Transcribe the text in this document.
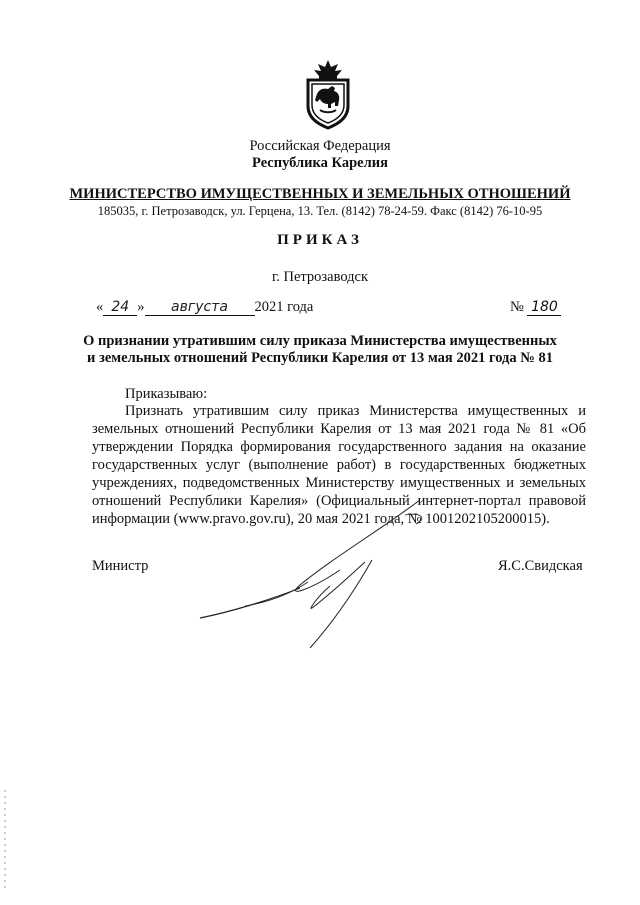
Российская Федерация
Республика Карелия
МИНИСТЕРСТВО ИМУЩЕСТВЕННЫХ И ЗЕМЕЛЬНЫХ ОТНОШЕНИЙ
185035, г. Петрозаводск, ул. Герцена, 13. Тел. (8142) 78-24-59. Факс (8142) 76-10-95
ПРИКАЗ
г. Петрозаводск
« 24 » августа 2021 года	№ 180
О признании утратившим силу приказа Министерства имущественных
и земельных отношений Республики Карелия от 13 мая 2021 года № 81
Приказываю:
Признать утратившим силу приказ Министерства имущественных и
земельных отношений Республики Карелия от 13 мая 2021 года № 81 «Об
утверждении Порядка формирования государственного задания на оказание
государственных услуг (выполнение работ) в государственных бюджетных
учреждениях, подведомственных Министерству имущественных и земельных
отношений Республики Карелия» (Официальный интернет-портал правовой
информации (www.pravo.gov.ru), 20 мая 2021 года, № 1001202105200015).
Министр	Я.С.Свидская
